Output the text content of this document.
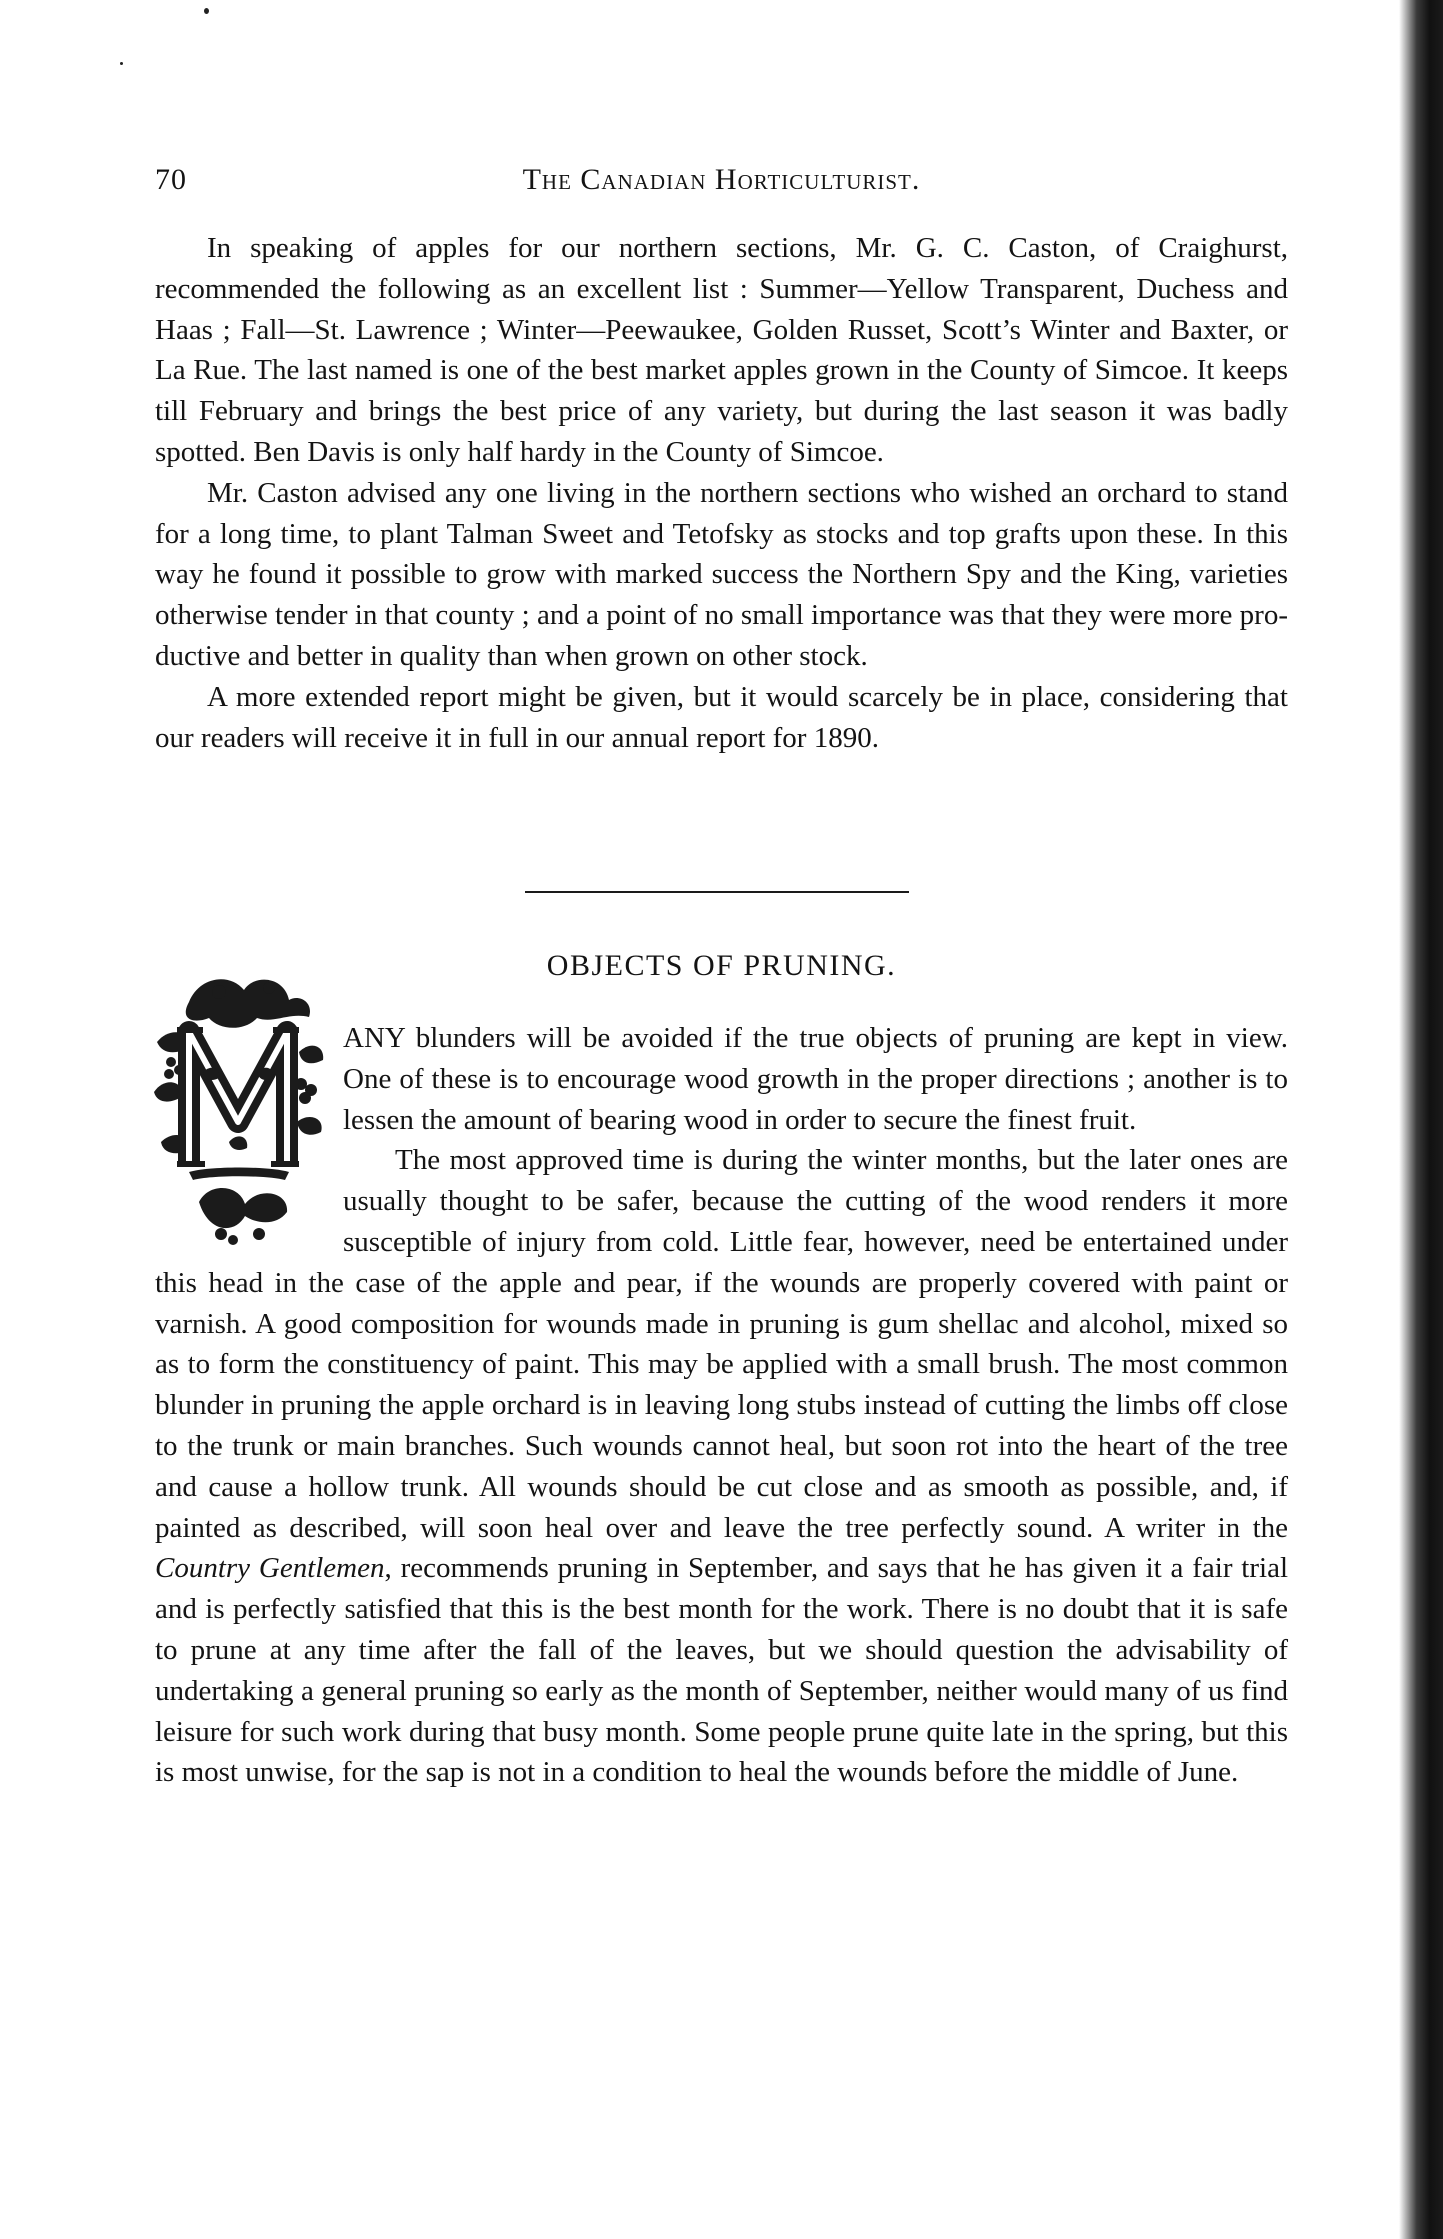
70	The Canadian Horticulturist.

In speaking of apples for our northern sections, Mr. G. C. Caston, of Craighurst, recommended the following as an excellent list : Summer—Yellow Transparent, Duchess and Haas ; Fall—St. Lawrence ; Winter—Peewaukee, Golden Russet, Scott’s Winter and Baxter, or La Rue. The last named is one of the best market apples grown in the County of Simcoe. It keeps till February and brings the best price of any variety, but during the last season it was badly spotted. Ben Davis is only half hardy in the County of Simcoe.

Mr. Caston advised any one living in the northern sections who wished an orchard to stand for a long time, to plant Talman Sweet and Tetofsky as stocks and top grafts upon these. In this way he found it possible to grow with marked success the Northern Spy and the King, varieties otherwise tender in that county ; and a point of no small importance was that they were more productive and better in quality than when grown on other stock.

A more extended report might be given, but it would scarcely be in place, considering that our readers will receive it in full in our annual report for 1890.

OBJECTS OF PRUNING.

ANY blunders will be avoided if the true objects of pruning are kept in view. One of these is to encourage wood growth in the proper directions ; another is to lessen the amount of bearing wood in order to secure the finest fruit.

The most approved time is during the winter months, but the later ones are usually thought to be safer, because the cutting of the wood renders it more susceptible of injury from cold. Little fear, however, need be entertained under this head in the case of the apple and pear, if the wounds are properly covered with paint or varnish. A good composition for wounds made in pruning is gum shellac and alcohol, mixed so as to form the constituency of paint. This may be applied with a small brush. The most common blunder in pruning the apple orchard is in leaving long stubs instead of cutting the limbs off close to the trunk or main branches. Such wounds cannot heal, but soon rot into the heart of the tree and cause a hollow trunk. All wounds should be cut close and as smooth as possible, and, if painted as described, will soon heal over and leave the tree perfectly sound. A writer in the Country Gentlemen, recommends pruning in September, and says that he has given it a fair trial and is perfectly satisfied that this is the best month for the work. There is no doubt that it is safe to prune at any time after the fall of the leaves, but we should question the advisability of undertaking a general pruning so early as the month of September, neither would many of us find leisure for such work during that busy month. Some people prune quite late in the spring, but this is most unwise, for the sap is not in a condition to heal the wounds before the middle of June.
